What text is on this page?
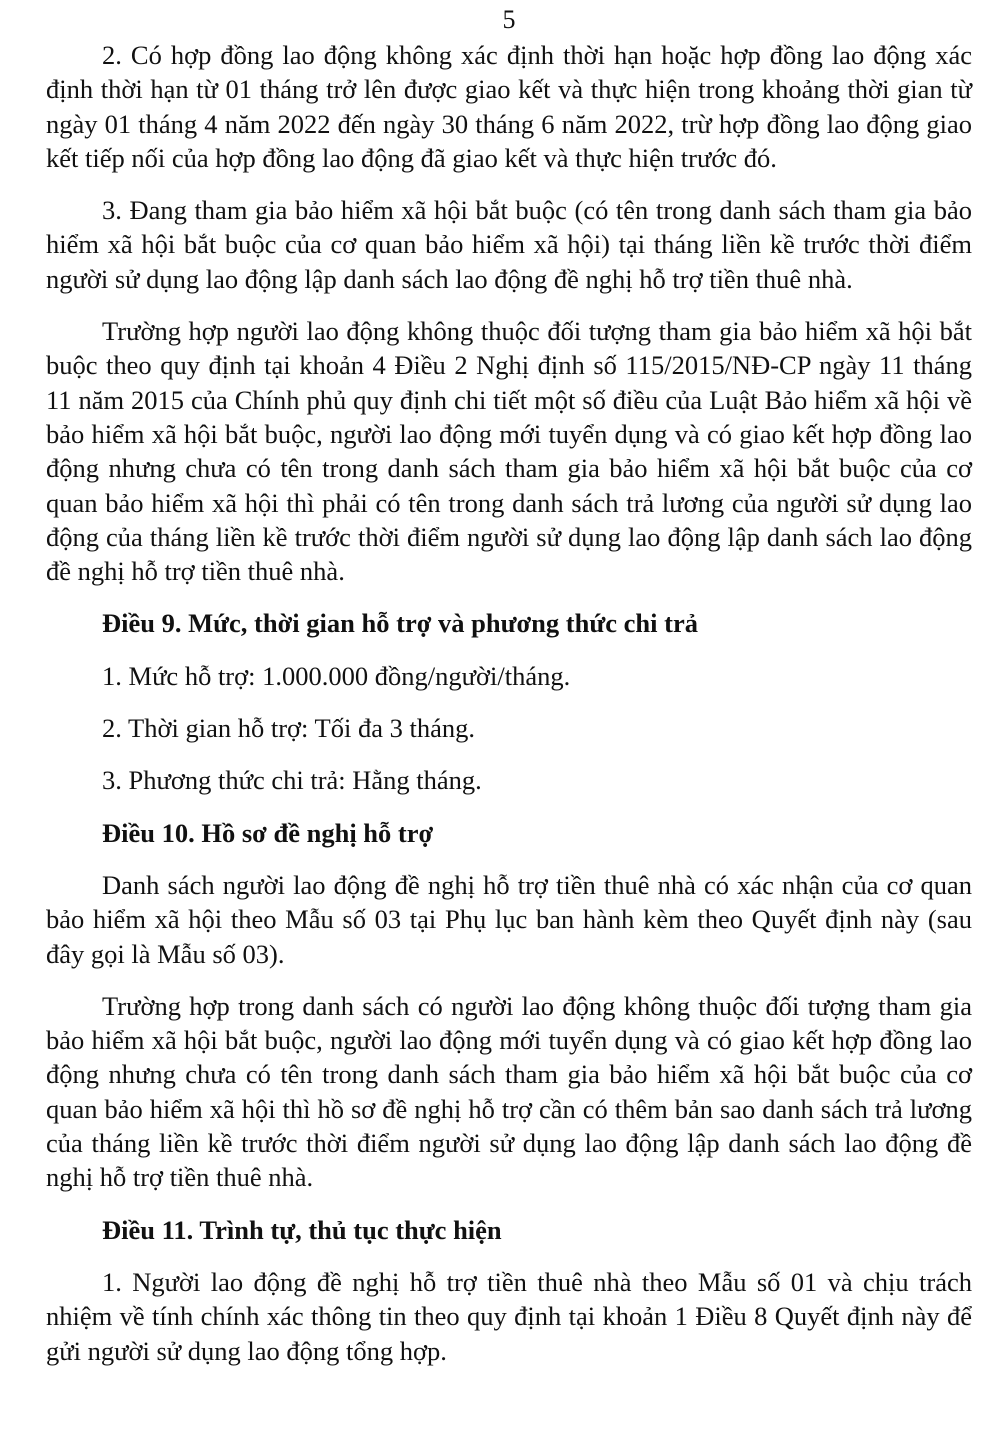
5

2. Có hợp đồng lao động không xác định thời hạn hoặc hợp đồng lao động xác định thời hạn từ 01 tháng trở lên được giao kết và thực hiện trong khoảng thời gian từ ngày 01 tháng 4 năm 2022 đến ngày 30 tháng 6 năm 2022, trừ hợp đồng lao động giao kết tiếp nối của hợp đồng lao động đã giao kết và thực hiện trước đó.

3. Đang tham gia bảo hiểm xã hội bắt buộc (có tên trong danh sách tham gia bảo hiểm xã hội bắt buộc của cơ quan bảo hiểm xã hội) tại tháng liền kề trước thời điểm người sử dụng lao động lập danh sách lao động đề nghị hỗ trợ tiền thuê nhà.

Trường hợp người lao động không thuộc đối tượng tham gia bảo hiểm xã hội bắt buộc theo quy định tại khoản 4 Điều 2 Nghị định số 115/2015/NĐ-CP ngày 11 tháng 11 năm 2015 của Chính phủ quy định chi tiết một số điều của Luật Bảo hiểm xã hội về bảo hiểm xã hội bắt buộc, người lao động mới tuyển dụng và có giao kết hợp đồng lao động nhưng chưa có tên trong danh sách tham gia bảo hiểm xã hội bắt buộc của cơ quan bảo hiểm xã hội thì phải có tên trong danh sách trả lương của người sử dụng lao động của tháng liền kề trước thời điểm người sử dụng lao động lập danh sách lao động đề nghị hỗ trợ tiền thuê nhà.

Điều 9. Mức, thời gian hỗ trợ và phương thức chi trả

1. Mức hỗ trợ: 1.000.000 đồng/người/tháng.

2. Thời gian hỗ trợ: Tối đa 3 tháng.

3. Phương thức chi trả: Hằng tháng.

Điều 10. Hồ sơ đề nghị hỗ trợ

Danh sách người lao động đề nghị hỗ trợ tiền thuê nhà có xác nhận của cơ quan bảo hiểm xã hội theo Mẫu số 03 tại Phụ lục ban hành kèm theo Quyết định này (sau đây gọi là Mẫu số 03).

Trường hợp trong danh sách có người lao động không thuộc đối tượng tham gia bảo hiểm xã hội bắt buộc, người lao động mới tuyển dụng và có giao kết hợp đồng lao động nhưng chưa có tên trong danh sách tham gia bảo hiểm xã hội bắt buộc của cơ quan bảo hiểm xã hội thì hồ sơ đề nghị hỗ trợ cần có thêm bản sao danh sách trả lương của tháng liền kề trước thời điểm người sử dụng lao động lập danh sách lao động đề nghị hỗ trợ tiền thuê nhà.

Điều 11. Trình tự, thủ tục thực hiện

1. Người lao động đề nghị hỗ trợ tiền thuê nhà theo Mẫu số 01 và chịu trách nhiệm về tính chính xác thông tin theo quy định tại khoản 1 Điều 8 Quyết định này để gửi người sử dụng lao động tổng hợp.
